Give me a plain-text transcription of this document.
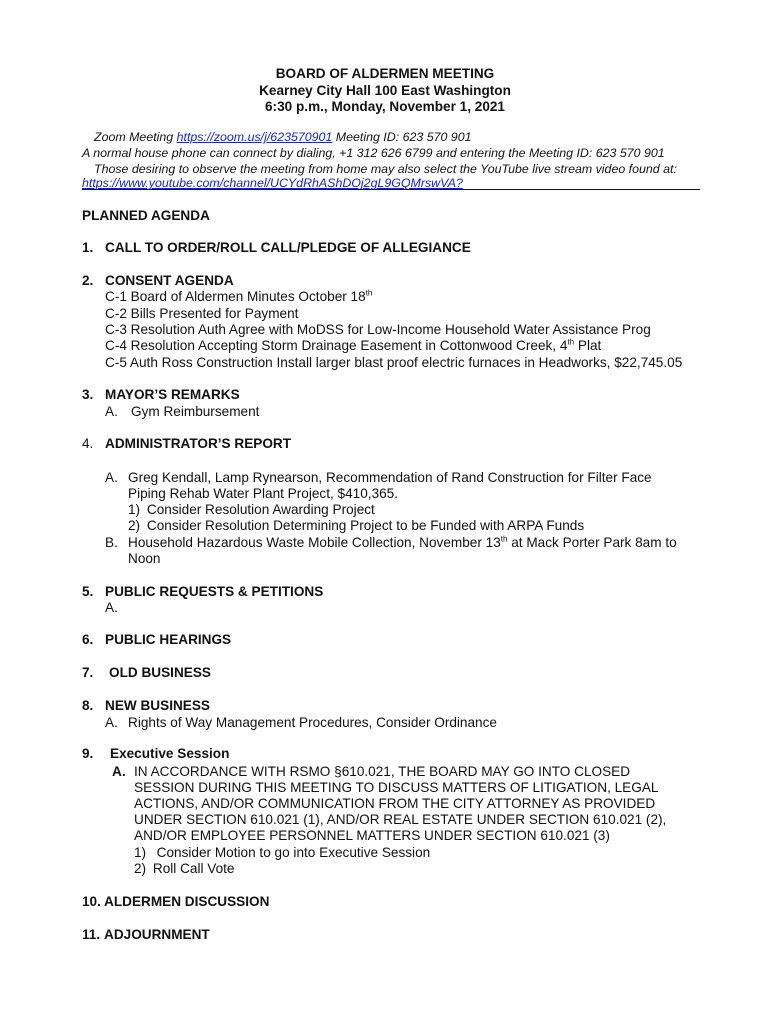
BOARD OF ALDERMEN MEETING
Kearney City Hall 100 East Washington
6:30 p.m., Monday, November 1, 2021
Zoom Meeting https://zoom.us/j/623570901 Meeting ID: 623 570 901
A normal house phone can connect by dialing, +1 312 626 6799 and entering the Meeting ID: 623 570 901
Those desiring to observe the meeting from home may also select the YouTube live stream video found at:
https://www.youtube.com/channel/UCYdRhAShDOj2gL9GQMrswVA?
PLANNED AGENDA
1. CALL TO ORDER/ROLL CALL/PLEDGE OF ALLEGIANCE
2. CONSENT AGENDA
C-1 Board of Aldermen Minutes October 18th
C-2 Bills Presented for Payment
C-3 Resolution Auth Agree with MoDSS for Low-Income Household Water Assistance Prog
C-4 Resolution Accepting Storm Drainage Easement in Cottonwood Creek, 4th Plat
C-5 Auth Ross Construction Install larger blast proof electric furnaces in Headworks, $22,745.05
3. MAYOR’S REMARKS
A. Gym Reimbursement
4. ADMINISTRATOR’S REPORT
A. Greg Kendall, Lamp Rynearson, Recommendation of Rand Construction for Filter Face
Piping Rehab Water Plant Project, $410,365.
1) Consider Resolution Awarding Project
2) Consider Resolution Determining Project to be Funded with ARPA Funds
B. Household Hazardous Waste Mobile Collection, November 13th at Mack Porter Park 8am to
Noon
5. PUBLIC REQUESTS & PETITIONS
A.
6. PUBLIC HEARINGS
7. OLD BUSINESS
8. NEW BUSINESS
A. Rights of Way Management Procedures, Consider Ordinance
9. Executive Session
A. IN ACCORDANCE WITH RSMO §610.021, THE BOARD MAY GO INTO CLOSED
SESSION DURING THIS MEETING TO DISCUSS MATTERS OF LITIGATION, LEGAL
ACTIONS, AND/OR COMMUNICATION FROM THE CITY ATTORNEY AS PROVIDED
UNDER SECTION 610.021 (1), AND/OR REAL ESTATE UNDER SECTION 610.021 (2),
AND/OR EMPLOYEE PERSONNEL MATTERS UNDER SECTION 610.021 (3)
1)  Consider Motion to go into Executive Session
2) Roll Call Vote
10. ALDERMEN DISCUSSION
11. ADJOURNMENT
